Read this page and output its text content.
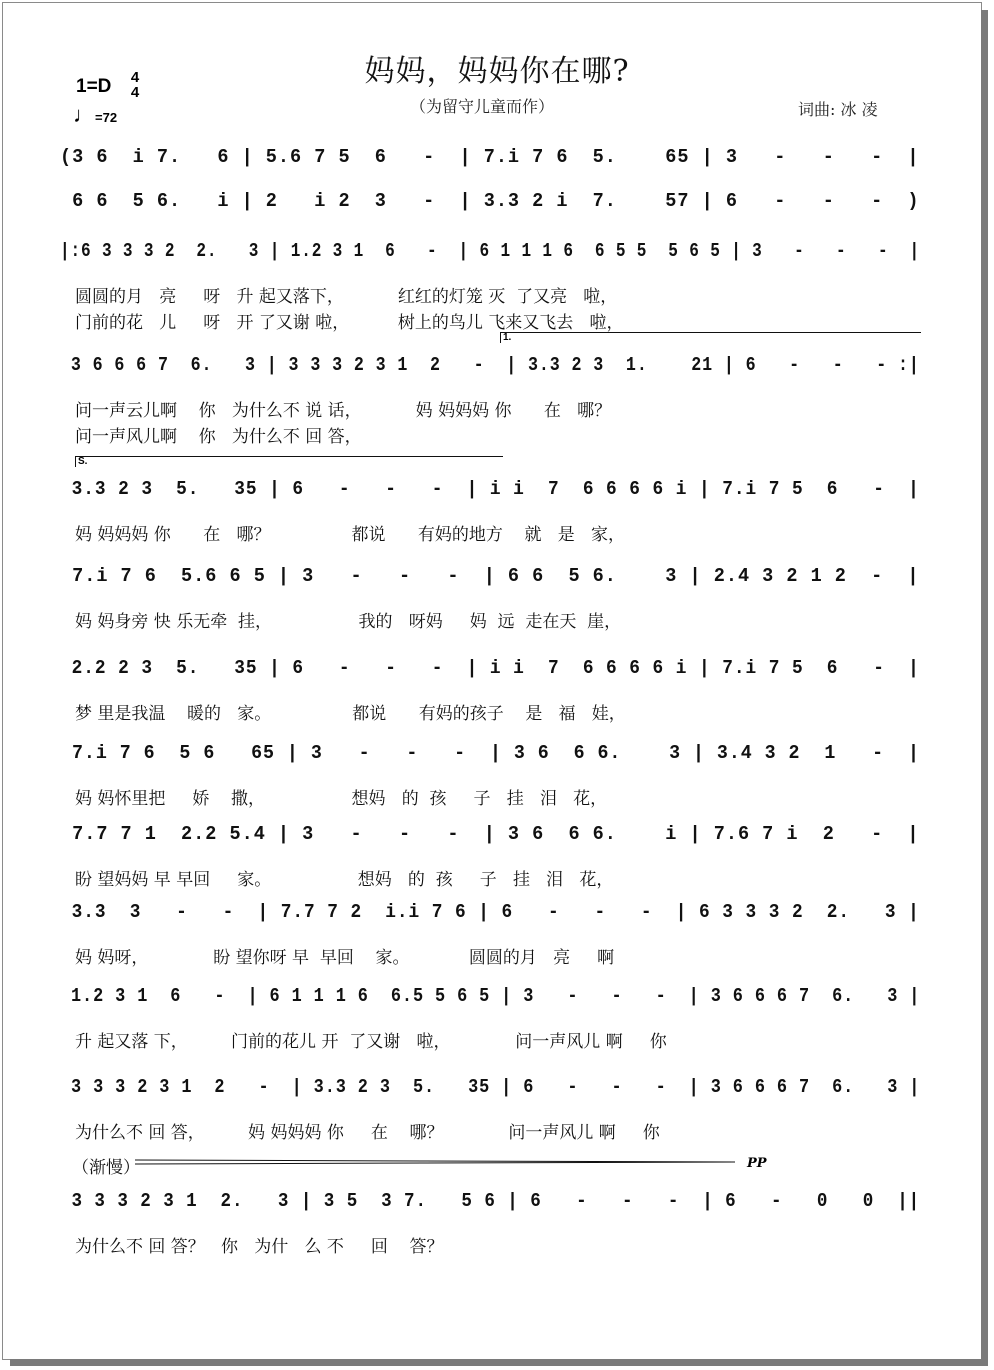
妈妈，妈妈你在哪?
（为留守儿童而作）	词曲: 冰 凌
1=D 4
4
♩=72
(3 6  i 7.   6 | 5.6 7 5  6   -  | 7.i 7 6  5.    65 | 3   -   -   -  |
6 6  5 6.   i | 2   i 2  3   -  | 3.3 2 i  7.    57 | 6   -   -   -  )
|:6 3 3 3 2  2.   3 | 1.2 3 1  6   -  | 6 1 1 1 6  6 5 5  5 6 5 | 3   -   -   -  |
圆圆的月   亮     呀   升 起又落下，          红红的灯笼 灭  了又亮   啦，
门前的花   儿     呀   开 了又谢 啦，         树上的鸟儿 飞来又飞去   啦，
3 6 6 6 7  6.   3 | 3 3 3 2 3 1  2   -  | 3.3 2 3  1.    21 | 6   -   -   - :|
问一声云儿啊    你   为什么不 说 话，          妈 妈妈妈 你      在   哪？
问一声风儿啊    你   为什么不 回 答，
3.3 2 3  5.   35 | 6   -   -   -  | i i  7  6 6 6 6 i | 7.i 7 5  6   -  |
妈 妈妈妈 你      在   哪？               都说      有妈的地方    就   是   家，
7.i 7 6  5.6 6 5 | 3   -   -   -  | 6 6  5 6.    3 | 2.4 3 2 1 2  -  |
妈 妈身旁 快 乐无牵  挂，                我的   呀妈     妈  远  走在天  崖，
2.2 2 3  5.   35 | 6   -   -   -  | i i  7  6 6 6 6 i | 7.i 7 5  6   -  |
梦 里是我温    暖的   家。               都说      有妈的孩子    是   福   娃，
7.i 7 6  5 6   65 | 3   -   -   -  | 3 6  6 6.    3 | 3.4 3 2  1   -  |
妈 妈怀里把     娇    撒，                想妈   的  孩     子   挂   泪   花，
7.7 7 1  2.2 5.4 | 3   -   -   -  | 3 6  6 6.    i | 7.6 7 i  2   -  |
盼 望妈妈 早 早回     家。                想妈   的  孩     子   挂   泪   花，
3.3  3   -   -  | 7.7 7 2  i.i 7 6 | 6   -   -   -  | 6 3 3 3 2  2.   3 |
妈 妈呀，            盼 望你呀 早  早回    家。           圆圆的月   亮     啊
1.2 3 1  6   -  | 6 1 1 1 6  6.5 5 6 5 | 3   -   -   -  | 3 6 6 6 7  6.   3 |
升 起又落 下，        门前的花儿 开  了又谢   啦，            问一声风儿 啊     你
3 3 3 2 3 1  2   -  | 3.3 2 3  5.   35 | 6   -   -   -  | 3 6 6 6 7  6.   3 |
为什么不 回 答，        妈 妈妈妈 你     在    哪？            问一声风儿 啊     你
3 3 3 2 3 1  2.   3 | 3 5  3 7.   5 6 | 6   -   -   -  | 6   -   0   0  ||
为什么不 回 答？   你   为什   么 不     回    答？
（渐慢）	PP
1.
S.
